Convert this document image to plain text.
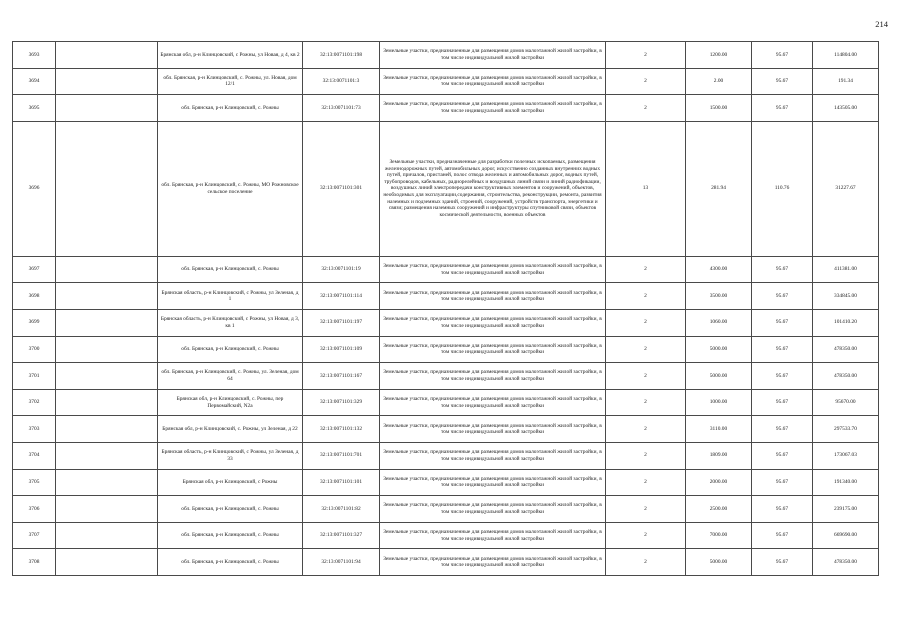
214
3693		Брянская обл, р-н Клинцовский, с Рожны, ул Новая, д 4, кв 2	32:13:0071101:198	Земельные участки, предназначенные для размещения домов малоэтажной жилой застройки, в том числе индивидуальной жилой застройки	2	1200.00	95.67	114804.00
3694		обл. Брянская, р-н Клинцовский, с. Рожны, ул. Новая, дом 12/1	32:13:0071101:3	Земельные участки, предназначенные для размещения домов малоэтажной жилой застройки, в том числе индивидуальной жилой застройки	2	2.00	95.67	191.34
3695		обл. Брянская, р-н Клинцовский, с. Рожны	32:13:0071101:73	Земельные участки, предназначенные для размещения домов малоэтажной жилой застройки, в том числе индивидуальной жилой застройки	2	1500.00	95.67	143505.00
3696		обл. Брянская, р-н Клинцовский, с. Рожны, МО Рожновское сельское поселение	32:13:0071101:301	Земельные участки, предназначенные для разработки полезных ископаемых, размещения железнодорожных путей, автомобильных дорог, искусственно созданных внутренних водных путей, причалов, пристаней, полос отвода железных и автомобильных дорог, водных путей, трубопроводов, кабельных, радиорелейных и воздушных линий связи и линий радиофикации, воздушных линий электропередачи конструктивных элементов и сооружений, объектов, необходимых для эксплуатации,содержания, строительства, реконструкции, ремонта, развития наземных и подземных зданий, строений, сооружений, устройств транспорта, энергетики и связи; размещения наземных сооружений и инфраструктуры спутниковой связи, объектов космической деятельности, военных объектов	13	281.94	110.76	31227.67
3697		обл. Брянская, р-н Клинцовский, с. Рожны	32:13:0071101:19	Земельные участки, предназначенные для размещения домов малоэтажной жилой застройки, в том числе индивидуальной жилой застройки	2	4300.00	95.67	411381.00
3698		Брянская область, р-н Клинцовский, с Рожны, ул Зеленая, д 1	32:13:0071101:114	Земельные участки, предназначенные для размещения домов малоэтажной жилой застройки, в том числе индивидуальной жилой застройки	2	3500.00	95.67	334845.00
3699		Брянская область, р-н Клинцовский, с Рожны, ул Новая, д 3, кв 1	32:13:0071101:197	Земельные участки, предназначенные для размещения домов малоэтажной жилой застройки, в том числе индивидуальной жилой застройки	2	1060.00	95.67	101410.20
3700		обл. Брянская, р-н Клинцовский, с. Рожны	32:13:0071101:109	Земельные участки, предназначенные для размещения домов малоэтажной жилой застройки, в том числе индивидуальной жилой застройки	2	5000.00	95.67	478350.00
3701		обл. Брянская, р-н Клинцовский, с. Рожны, ул. Зеленая, дом 64	32:13:0071101:167	Земельные участки, предназначенные для размещения домов малоэтажной жилой застройки, в том числе индивидуальной жилой застройки	2	5000.00	95.67	478350.00
3702		Брянская обл, р-н Клинцовский, с. Рожны, пер Первомайский, N2а	32:13:0071101:329	Земельные участки, предназначенные для размещения домов малоэтажной жилой застройки, в том числе индивидуальной жилой застройки	2	1000.00	95.67	95670.00
3703		Брянская обл, р-н Клинцовский, с. Рожны, ул Зеленая, д 22	32:13:0071101:132	Земельные участки, предназначенные для размещения домов малоэтажной жилой застройки, в том числе индивидуальной жилой застройки	2	3110.00	95.67	297533.70
3704		Брянская область, р-н Клинцовский, с Рожны, ул Зеленая, д 33	32:13:0071101:701	Земельные участки, предназначенные для размещения домов малоэтажной жилой застройки, в том числе индивидуальной жилой застройки	2	1809.00	95.67	173067.03
3705		Брянская обл, р-н Клинцовский, с Рожны	32:13:0071101:101	Земельные участки, предназначенные для размещения домов малоэтажной жилой застройки, в том числе индивидуальной жилой застройки	2	2000.00	95.67	191340.00
3706		обл. Брянская, р-н Клинцовский, с. Рожны	32:13:0071101:82	Земельные участки, предназначенные для размещения домов малоэтажной жилой застройки, в том числе индивидуальной жилой застройки	2	2500.00	95.67	239175.00
3707		обл. Брянская, р-н Клинцовский, с. Рожны	32:13:0071101:327	Земельные участки, предназначенные для размещения домов малоэтажной жилой застройки, в том числе индивидуальной жилой застройки	2	7000.00	95.67	669690.00
3708		обл. Брянская, р-н Клинцовский, с. Рожны	32:13:0071101:94	Земельные участки, предназначенные для размещения домов малоэтажной жилой застройки, в том числе индивидуальной жилой застройки	2	5000.00	95.67	478350.00
